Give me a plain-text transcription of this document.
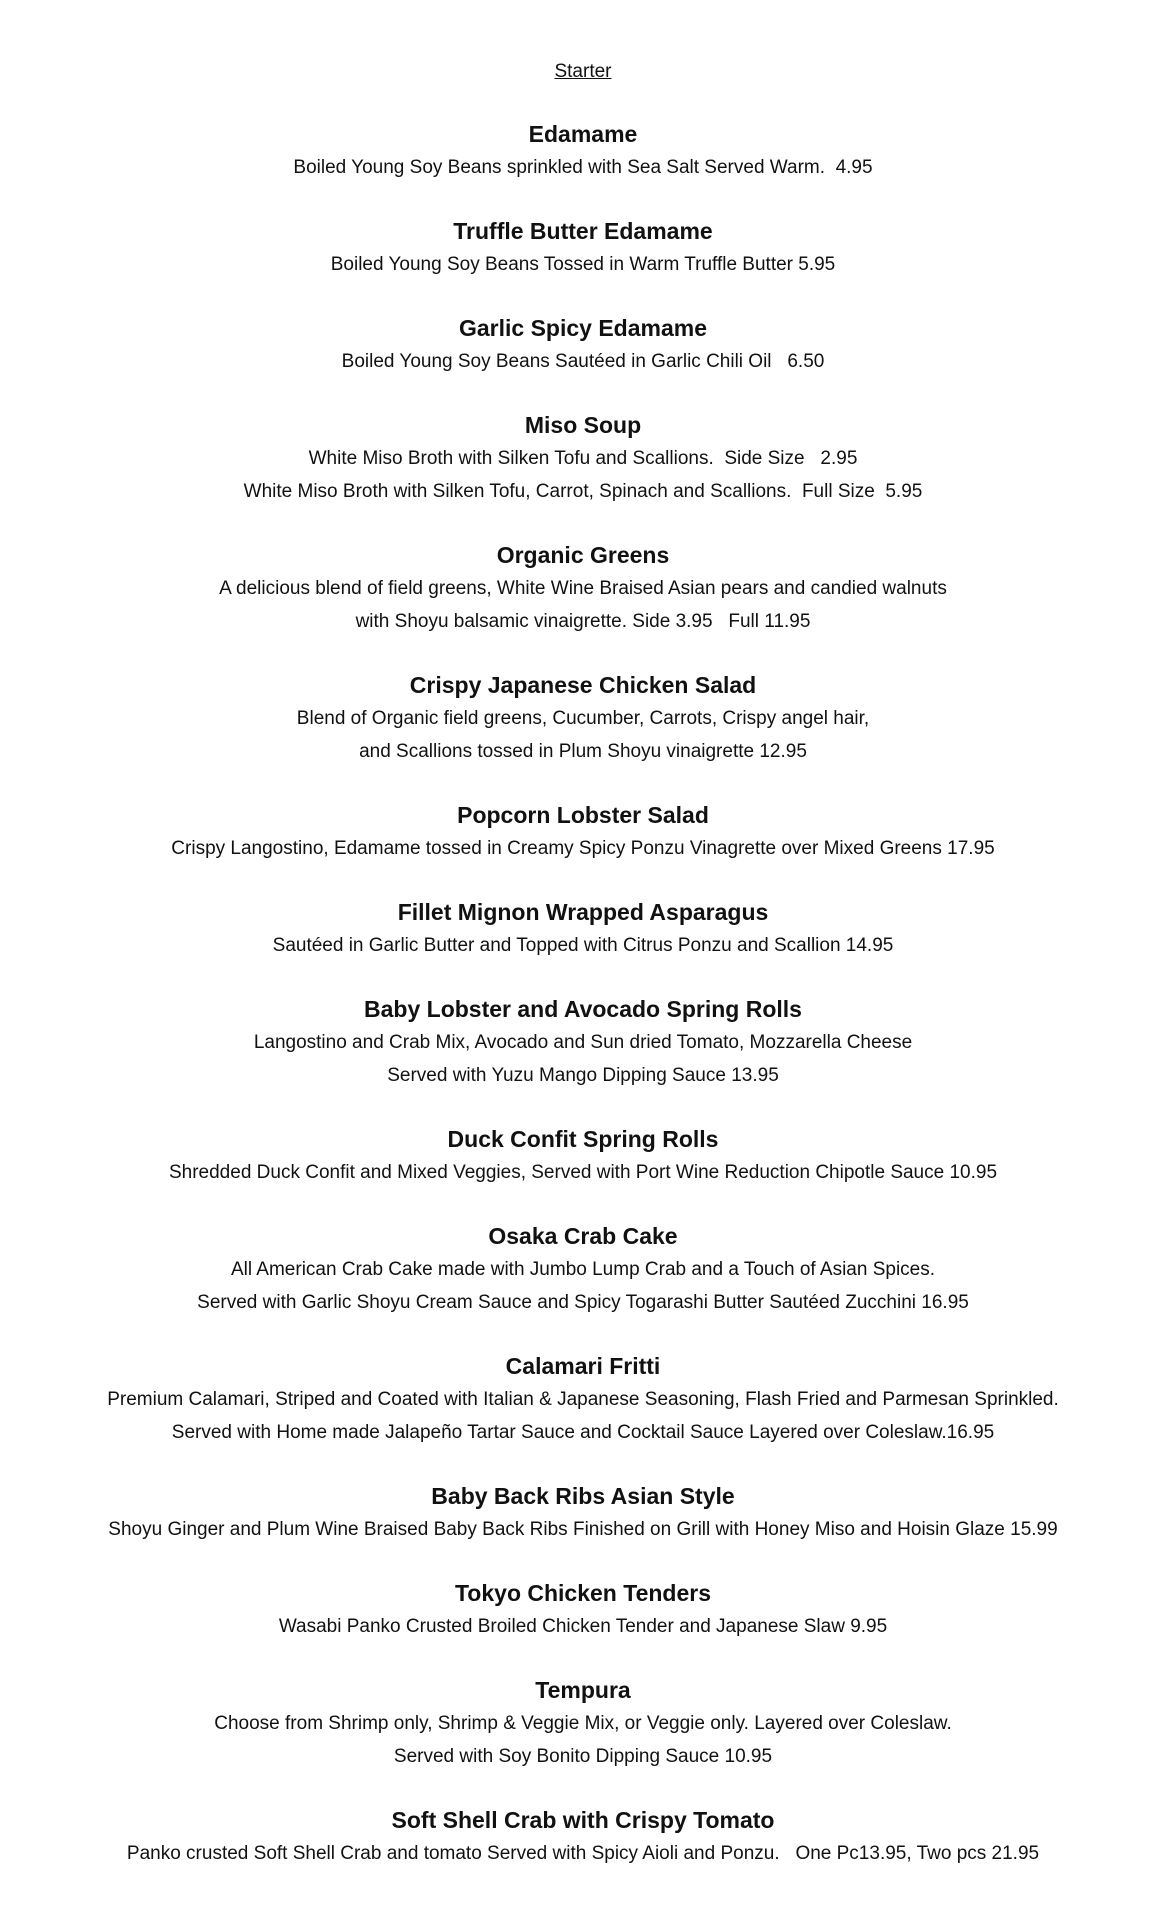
Starter
Edamame
Boiled Young Soy Beans sprinkled with Sea Salt Served Warm.  4.95
Truffle Butter Edamame
Boiled Young Soy Beans Tossed in Warm Truffle Butter 5.95
Garlic Spicy Edamame
Boiled Young Soy Beans Sautéed in Garlic Chili Oil   6.50
Miso Soup
White Miso Broth with Silken Tofu and Scallions.  Side Size   2.95
White Miso Broth with Silken Tofu, Carrot, Spinach and Scallions.  Full Size  5.95
Organic Greens
A delicious blend of field greens, White Wine Braised Asian pears and candied walnuts
with Shoyu balsamic vinaigrette. Side 3.95   Full 11.95
Crispy Japanese Chicken Salad
Blend of Organic field greens, Cucumber, Carrots, Crispy angel hair,
and Scallions tossed in Plum Shoyu vinaigrette 12.95
Popcorn Lobster Salad
Crispy Langostino, Edamame tossed in Creamy Spicy Ponzu Vinagrette over Mixed Greens 17.95
Fillet Mignon Wrapped Asparagus
Sautéed in Garlic Butter and Topped with Citrus Ponzu and Scallion 14.95
Baby Lobster and Avocado Spring Rolls
Langostino and Crab Mix, Avocado and Sun dried Tomato, Mozzarella Cheese
Served with Yuzu Mango Dipping Sauce 13.95
Duck Confit Spring Rolls
Shredded Duck Confit and Mixed Veggies, Served with Port Wine Reduction Chipotle Sauce 10.95
Osaka Crab Cake
All American Crab Cake made with Jumbo Lump Crab and a Touch of Asian Spices.
Served with Garlic Shoyu Cream Sauce and Spicy Togarashi Butter Sautéed Zucchini 16.95
Calamari Fritti
Premium Calamari, Striped and Coated with Italian & Japanese Seasoning, Flash Fried and Parmesan Sprinkled.
Served with Home made Jalapeño Tartar Sauce and Cocktail Sauce Layered over Coleslaw.16.95
Baby Back Ribs Asian Style
Shoyu Ginger and Plum Wine Braised Baby Back Ribs Finished on Grill with Honey Miso and Hoisin Glaze 15.99
Tokyo Chicken Tenders
Wasabi Panko Crusted Broiled Chicken Tender and Japanese Slaw 9.95
Tempura
Choose from Shrimp only, Shrimp & Veggie Mix, or Veggie only. Layered over Coleslaw.
Served with Soy Bonito Dipping Sauce 10.95
Soft Shell Crab with Crispy Tomato
Panko crusted Soft Shell Crab and tomato Served with Spicy Aioli and Ponzu.   One Pc13.95, Two pcs 21.95
